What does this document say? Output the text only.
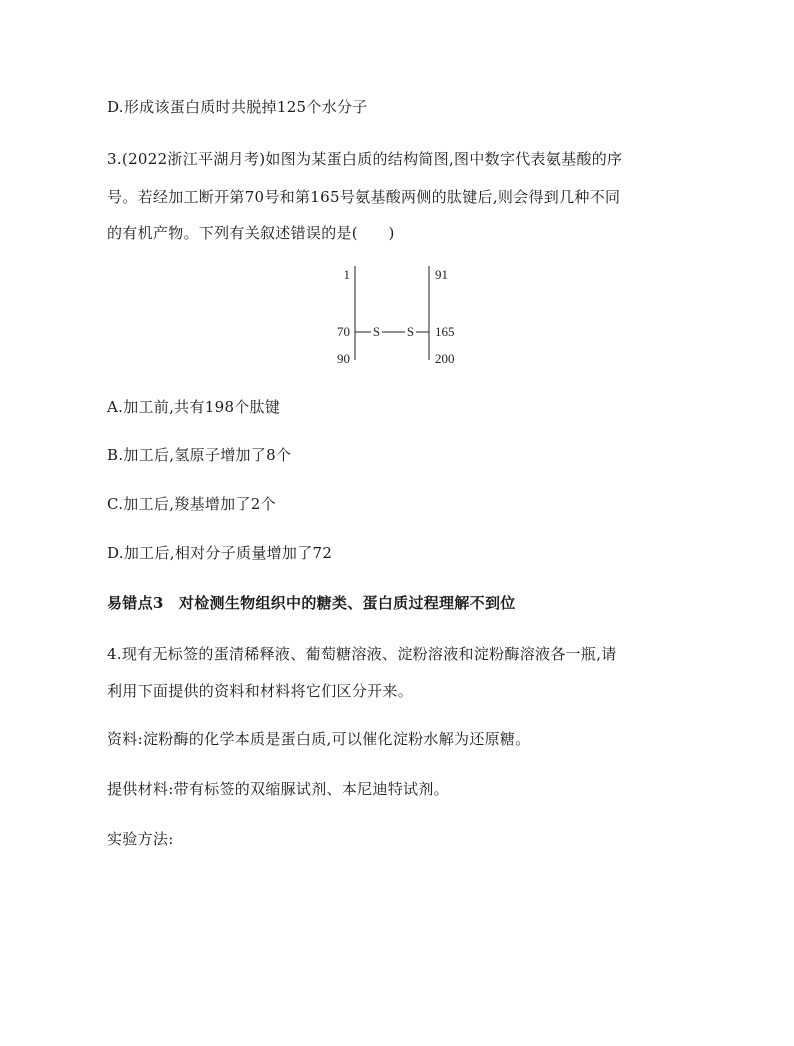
D.形成该蛋白质时共脱掉125个水分子
3.(2022浙江平湖月考)如图为某蛋白质的结构简图,图中数字代表氨基酸的序
号。若经加工断开第70号和第165号氨基酸两侧的肽键后,则会得到几种不同
的有机产物。下列有关叙述错误的是(　　)
1
70
90
91
165
200
S S
A.加工前,共有198个肽键
B.加工后,氢原子增加了8个
C.加工后,羧基增加了2个
D.加工后,相对分子质量增加了72
易错点3　对检测生物组织中的糖类、蛋白质过程理解不到位
4.现有无标签的蛋清稀释液、葡萄糖溶液、淀粉溶液和淀粉酶溶液各一瓶,请
利用下面提供的资料和材料将它们区分开来。
资料:淀粉酶的化学本质是蛋白质,可以催化淀粉水解为还原糖。
提供材料:带有标签的双缩脲试剂、本尼迪特试剂。
实验方法:
